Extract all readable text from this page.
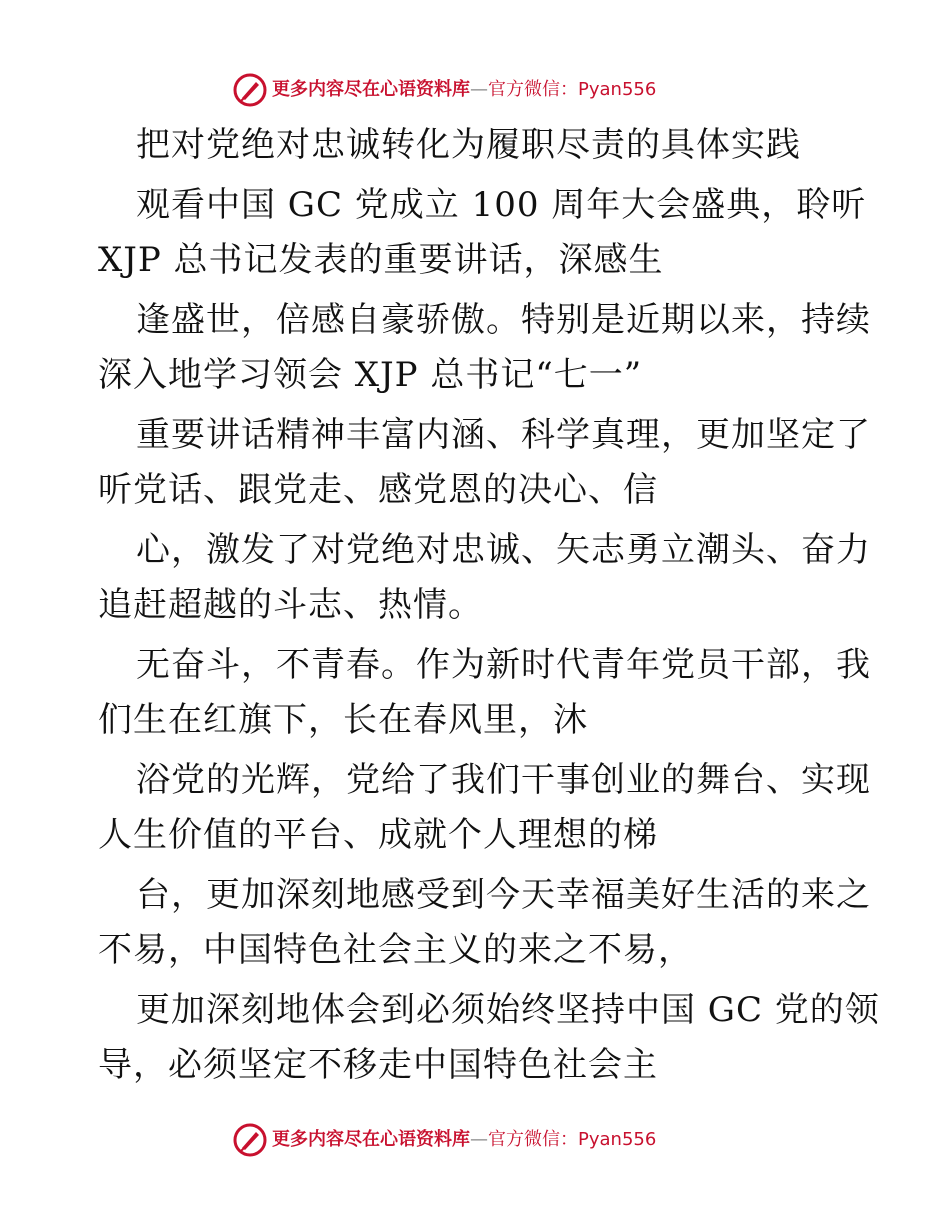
更多内容尽在心语资料库—官方微信：Pyan556
把对党绝对忠诚转化为履职尽责的具体实践
观看中国 GC 党成立 100 周年大会盛典，聆听
XJP 总书记发表的重要讲话，深感生
逢盛世，倍感自豪骄傲。特别是近期以来，持续
深入地学习领会 XJP 总书记“七一”
重要讲话精神丰富内涵、科学真理，更加坚定了
听党话、跟党走、感党恩的决心、信
心，激发了对党绝对忠诚、矢志勇立潮头、奋力
追赶超越的斗志、热情。
无奋斗，不青春。作为新时代青年党员干部，我
们生在红旗下，长在春风里，沐
浴党的光辉，党给了我们干事创业的舞台、实现
人生价值的平台、成就个人理想的梯
台，更加深刻地感受到今天幸福美好生活的来之
不易，中国特色社会主义的来之不易，
更加深刻地体会到必须始终坚持中国 GC 党的领
导，必须坚定不移走中国特色社会主
更多内容尽在心语资料库—官方微信：Pyan556
